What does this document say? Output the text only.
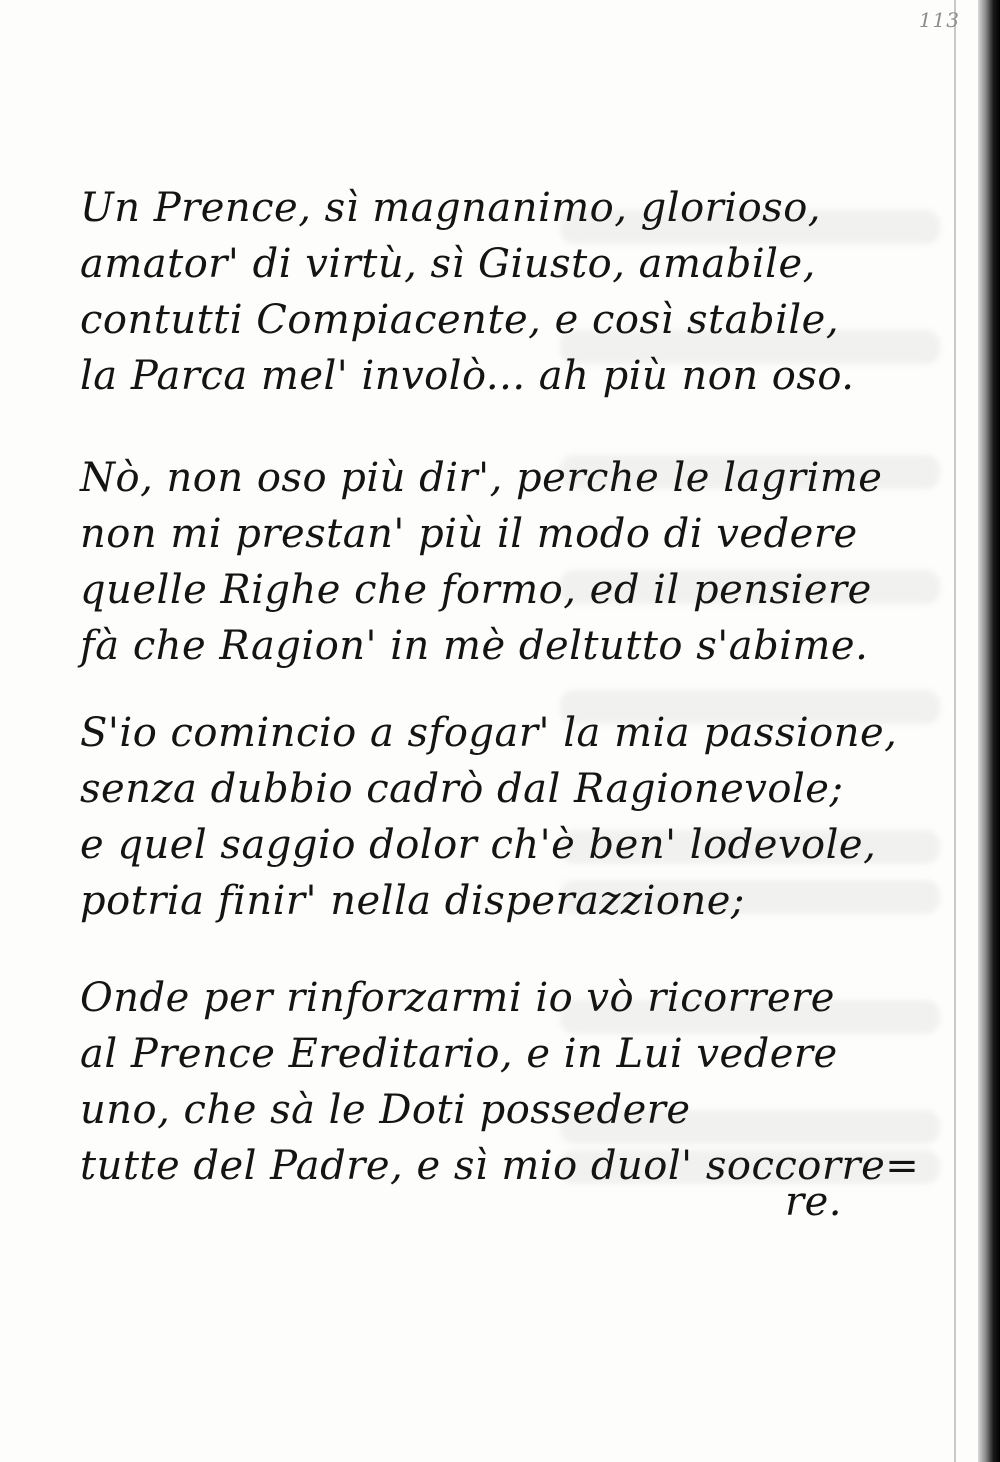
113
Un Prence, sì magnanimo, glorioso,
amator' di virtù, sì Giusto, amabile,
contutti Compiacente, e così stabile,
la Parca mel' involò... ah più non oso.
Nò, non oso più dir', perche le lagrime
non mi prestan' più il modo di vedere
quelle Righe che formo, ed il pensiere
fà che Ragion' in mè deltutto s'abime.
S'io comincio a sfogar' la mia passione,
senza dubbio cadrò dal Ragionevole;
e quel saggio dolor ch'è ben' lodevole,
potria finir' nella disperazzione;
Onde per rinforzarmi io vò ricorrere
al Prence Ereditario, e in Lui vedere
uno, che sà le Doti possedere
tutte del Padre, e sì mio duol' soccorre=
re.
